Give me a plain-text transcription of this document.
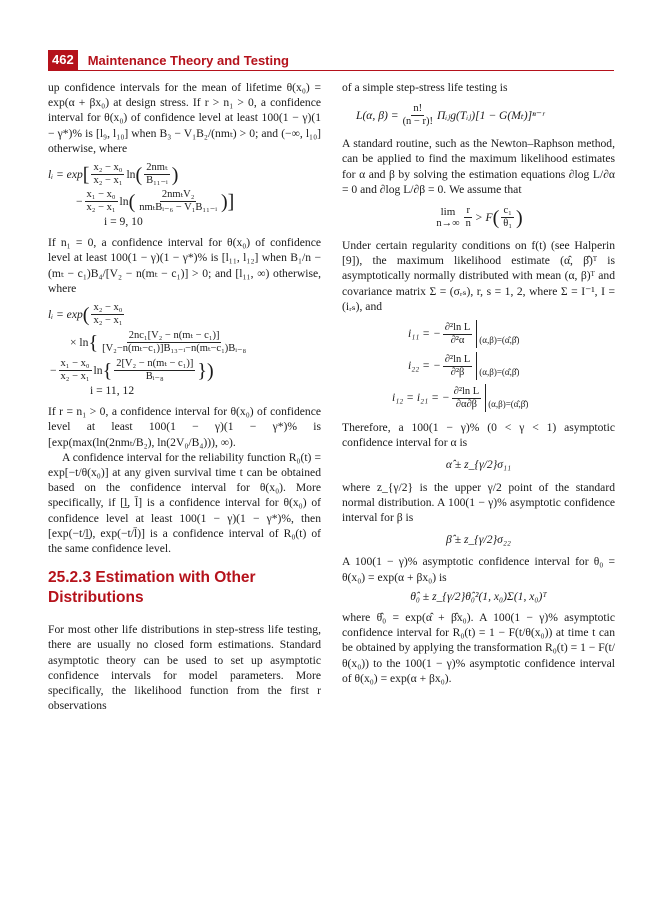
462	Maintenance Theory and Testing

up confidence intervals for the mean of lifetime θ(x₀) = exp(α + βx₀) at design stress. If r > n₁ > 0, a confidence interval for θ(x₀) of confidence level at least 100(1 − γ)(1 − γ*)% is [l₉, l₁₀] when B₃ − V₁B₂/(nmₜ) > 0; and (−∞, l₁₀] otherwise, where

lᵢ = exp [ $\frac{\text{x₂ − x₀}}{\text{x₂ − x₁}}$ ln ( $\frac{\text{2nmₜ}}{\text{B₁₁₋ᵢ}}$ )
− $\frac{\text{x₁ − x₀}}{\text{x₂ − x₁}}$ ln ( $\frac{\text{2nmₜV₂}}{\text{nmₜBᵢ₋₆ − V₁B₁₁₋ᵢ}}$ )]
i = 9, 10

If n₁ = 0, a confidence interval for θ(x₀) of confidence level at least 100(1 − γ)(1 − γ*)% is [l₁₁, l₁₂] when B₁/n − (mₜ − c₁)B₄/[V₂ − n(mₜ − c₁)] > 0; and [l₁₁, ∞) otherwise, where

lᵢ = exp ( $\frac{\text{x₂ − x₀}}{\text{x₂ − x₁}}$
× ln { $\frac{\text{2nc₁[V₂ − n(mₜ − c₁)]}}{\text{[V₂−n(mₜ−c₁)]B₁₃₋ᵢ−n(mₜ−c₁)Bᵢ₋₈}}$
− $\frac{\text{x₁ − x₀}}{\text{x₂ − x₁}}$ ln { $\frac{\text{2[V₂ − n(mₜ − c₁)]}}{\text{Bᵢ₋₈}}$ })
i = 11, 12

If r = n₁ > 0, a confidence interval for θ(x₀) of confidence level at least 100(1 − γ)(1 − γ*)% is [exp(max(ln(2nmₜ/B₂), ln(2V₀/B₄))), ∞).

A confidence interval for the reliability function R₀(t) = exp[−t/θ(x₀)] at any given survival time t can be obtained based on the confidence interval for θ(x₀). More specifically, if [l̲, l̄] is a confidence interval for θ(x₀) of confidence level at least 100(1 − γ)(1 − γ*)%, then [exp(−t/l̲), exp(−t/l̄)] is a confidence interval of R₀(t) of the same confidence level.

25.2.3 Estimation with Other Distributions

For most other life distributions in step-stress life testing, there are usually no closed form estimations. Standard asymptotic theory can be used to set up asymptotic confidence intervals for model parameters. More specifically, the likelihood function from the first r observations

of a simple step-stress life testing is

L(α, $\beta) = \frac{n!}{(n - r)!}$ Πᵢⱼg(Tᵢⱼ)[1 − G(Mₜ)]ⁿ⁻ʳ

A standard routine, such as the Newton–Raphson method, can be applied to find the maximum likelihood estimates for α and β by solving the estimation equations ∂log L/∂α = 0 and ∂log L/∂β = 0. We assume that

lim
$n\to\infty \frac{r}{n} > F$ ( $\frac{\text{c₁}}{\text{θ₁}}$ )

Under certain regularity conditions on f(t) (see Halperin [9]), the maximum likelihood estimate (α̂, β̂)ᵀ is asymptotically normally distributed with mean (α, β)ᵀ and covariance matrix Σ = (σᵣₛ), r, s = 1, 2, where Σ = I⁻¹, I = (iᵣₛ), and

i₁₁ = − $\frac{\text{∂²ln L}}{\text{∂²α}}$ (α,β)=(α̂,β̂)
i₂₂ = − $\frac{\text{∂²ln L}}{\text{∂²β}}$ (α,β)=(α̂,β̂)
i₁₂ = i₂₁ = − $\frac{\text{∂²ln L}}{\partial\alpha\partial\beta}$ (α,β)=(α̂,β̂)

Therefore, a 100(1 − γ)% (0 < γ < 1) asymptotic confidence interval for α is

α̂ ± z_{γ/2}σ₁₁

where z_{γ/2} is the upper γ/2 point of the standard normal distribution. A 100(1 − γ)% asymptotic confidence interval for β is

β̂ ± z_{γ/2}σ₂₂

A 100(1 − γ)% asymptotic confidence interval for θ₀ = θ(x₀) = exp(α + βx₀) is

θ̂₀ ± z_{γ/2}θ̂₀²(1, x₀)Σ(1, x₀)ᵀ

where θ̂₀ = exp(α̂ + β̂x₀). A 100(1 − γ)% asymptotic confidence interval for R₀(t) = 1 − F(t/θ(x₀)) at time t can be obtained by applying the transformation R₀(t) = 1 − F(t/θ(x₀)) to the 100(1 − γ)% asymptotic confidence interval of θ(x₀) = exp(α + βx₀).
